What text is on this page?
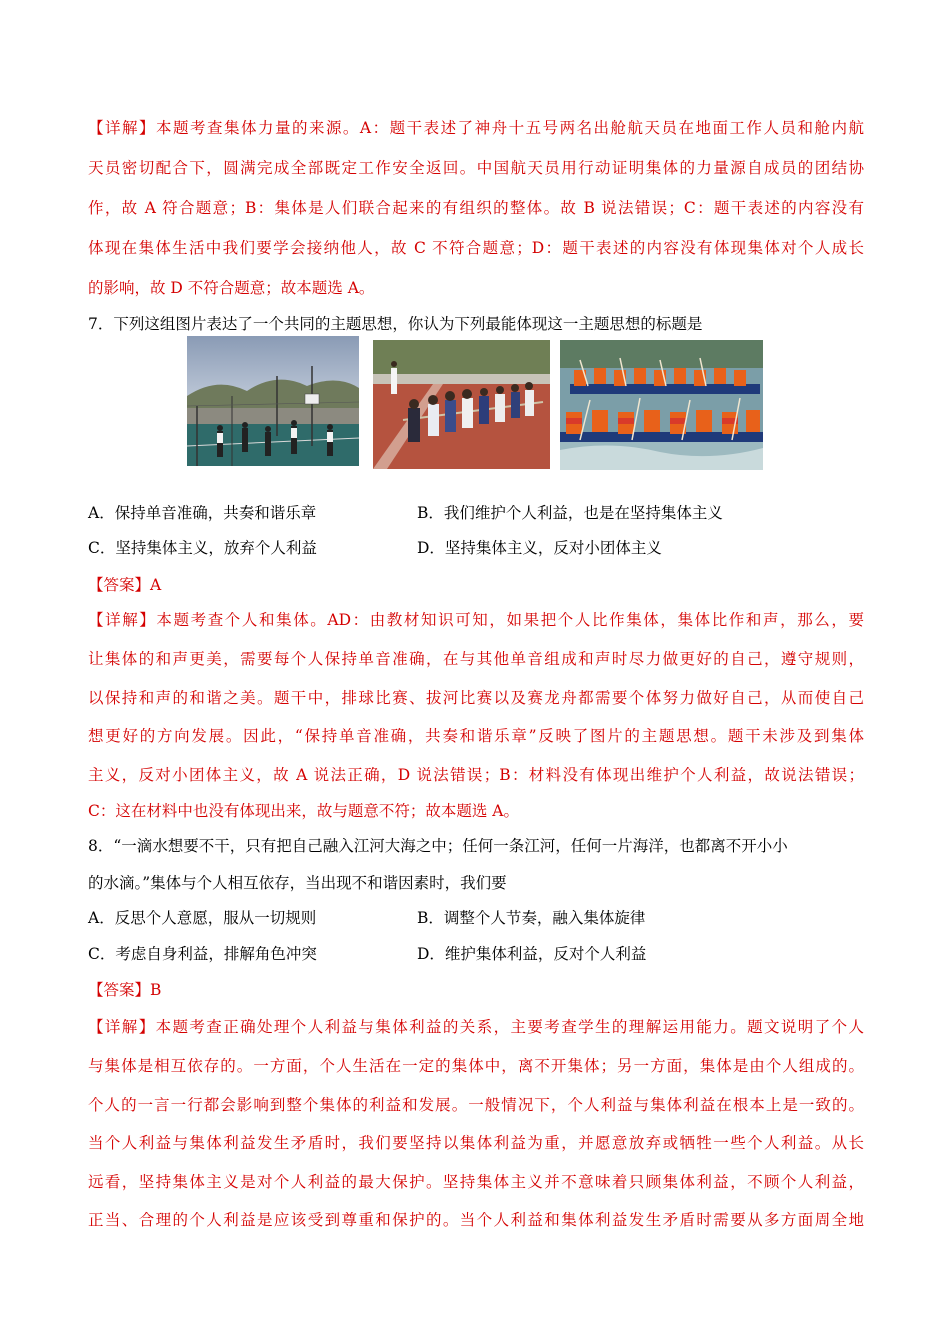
【详解】本题考查集体力量的来源。A：题干表述了神舟十五号两名出舱航天员在地面工作人员和舱内航
天员密切配合下，圆满完成全部既定工作安全返回。中国航天员用行动证明集体的力量源自成员的团结协
作，故 A 符合题意；B：集体是人们联合起来的有组织的整体。故 B 说法错误；C：题干表述的内容没有
体现在集体生活中我们要学会接纳他人，故 C 不符合题意；D：题干表述的内容没有体现集体对个人成长
的影响，故 D 不符合题意；故本题选 A。
7．下列这组图片表达了一个共同的主题思想，你认为下列最能体现这一主题思想的标题是
A．保持单音准确，共奏和谐乐章	B．我们维护个人利益，也是在坚持集体主义
C．坚持集体主义，放弃个人利益	D．坚持集体主义，反对小团体主义
【答案】A
【详解】本题考查个人和集体。AD：由教材知识可知，如果把个人比作集体，集体比作和声，那么，要
让集体的和声更美，需要每个人保持单音准确，在与其他单音组成和声时尽力做更好的自己，遵守规则，
以保持和声的和谐之美。题干中，排球比赛、拔河比赛以及赛龙舟都需要个体努力做好自己，从而使自己
想更好的方向发展。因此，“保持单音准确，共奏和谐乐章”反映了图片的主题思想。题干未涉及到集体
主义，反对小团体主义，故 A 说法正确，D 说法错误；B：材料没有体现出维护个人利益，故说法错误；
C：这在材料中也没有体现出来，故与题意不符；故本题选 A。
8．“一滴水想要不干，只有把自己融入江河大海之中；任何一条江河，任何一片海洋，也都离不开小小
的水滴。”集体与个人相互依存，当出现不和谐因素时，我们要
A．反思个人意愿，服从一切规则	B．调整个人节奏，融入集体旋律
C．考虑自身利益，排解角色冲突	D．维护集体利益，反对个人利益
【答案】B
【详解】本题考查正确处理个人利益与集体利益的关系，主要考查学生的理解运用能力。题文说明了个人
与集体是相互依存的。一方面，个人生活在一定的集体中，离不开集体；另一方面，集体是由个人组成的。
个人的一言一行都会影响到整个集体的利益和发展。一般情况下，个人利益与集体利益在根本上是一致的。
当个人利益与集体利益发生矛盾时，我们要坚持以集体利益为重，并愿意放弃或牺牲一些个人利益。从长
远看，坚持集体主义是对个人利益的最大保护。坚持集体主义并不意味着只顾集体利益，不顾个人利益，
正当、合理的个人利益是应该受到尊重和保护的。当个人利益和集体利益发生矛盾时需要从多方面周全地
